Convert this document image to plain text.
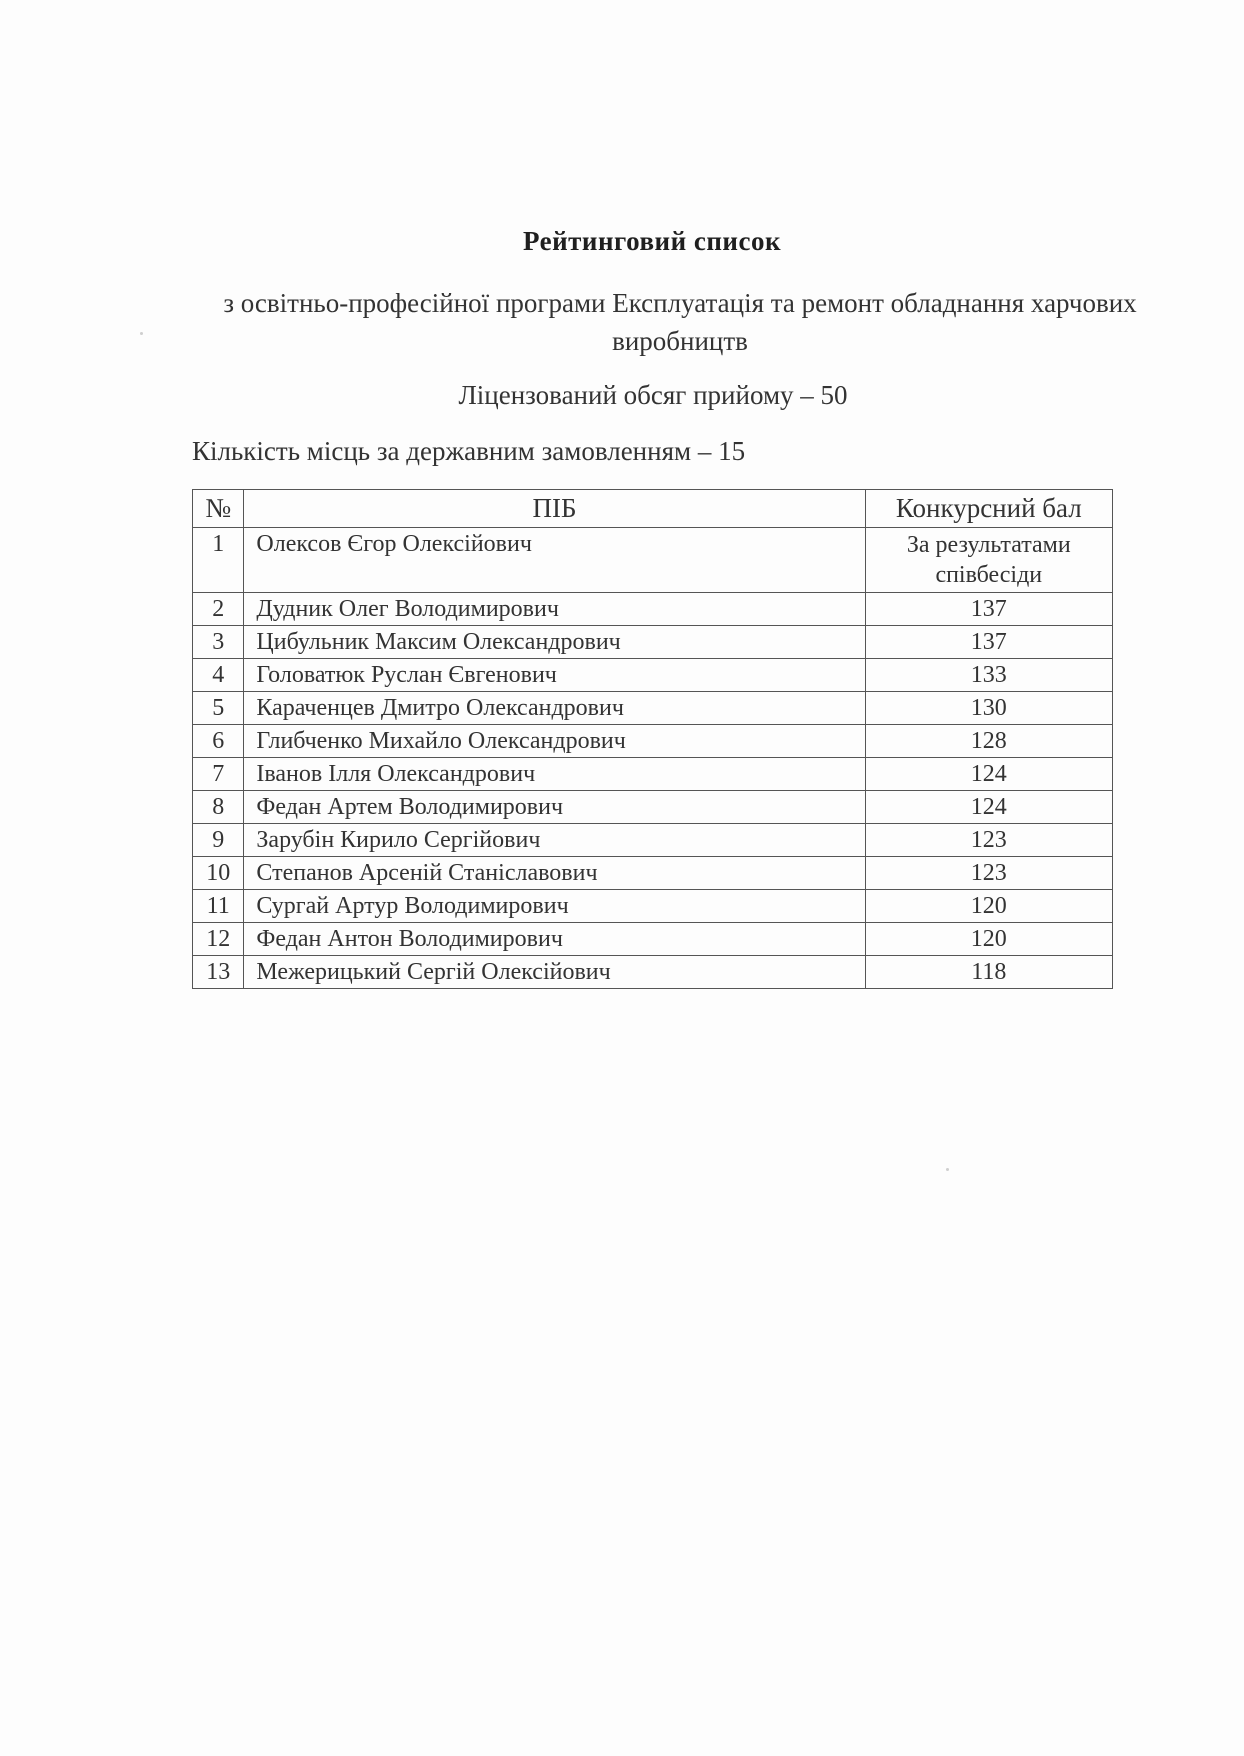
Рейтинговий список
з освітньо-професійної програми Експлуатація та ремонт обладнання харчових виробництв
Ліцензований обсяг прийому – 50
Кількість місць за державним замовленням – 15
№	ПІБ	Конкурсний бал
1	Олексов Єгор Олексійович	За результатами співбесіди
2	Дудник Олег Володимирович	137
3	Цибульник Максим Олександрович	137
4	Головатюк Руслан Євгенович	133
5	Караченцев Дмитро Олександрович	130
6	Глибченко Михайло Олександрович	128
7	Іванов Ілля Олександрович	124
8	Федан Артем Володимирович	124
9	Зарубін Кирило Сергійович	123
10	Степанов Арсеній Станіславович	123
11	Сургай Артур Володимирович	120
12	Федан Антон Володимирович	120
13	Межерицький Сергій Олексійович	118
